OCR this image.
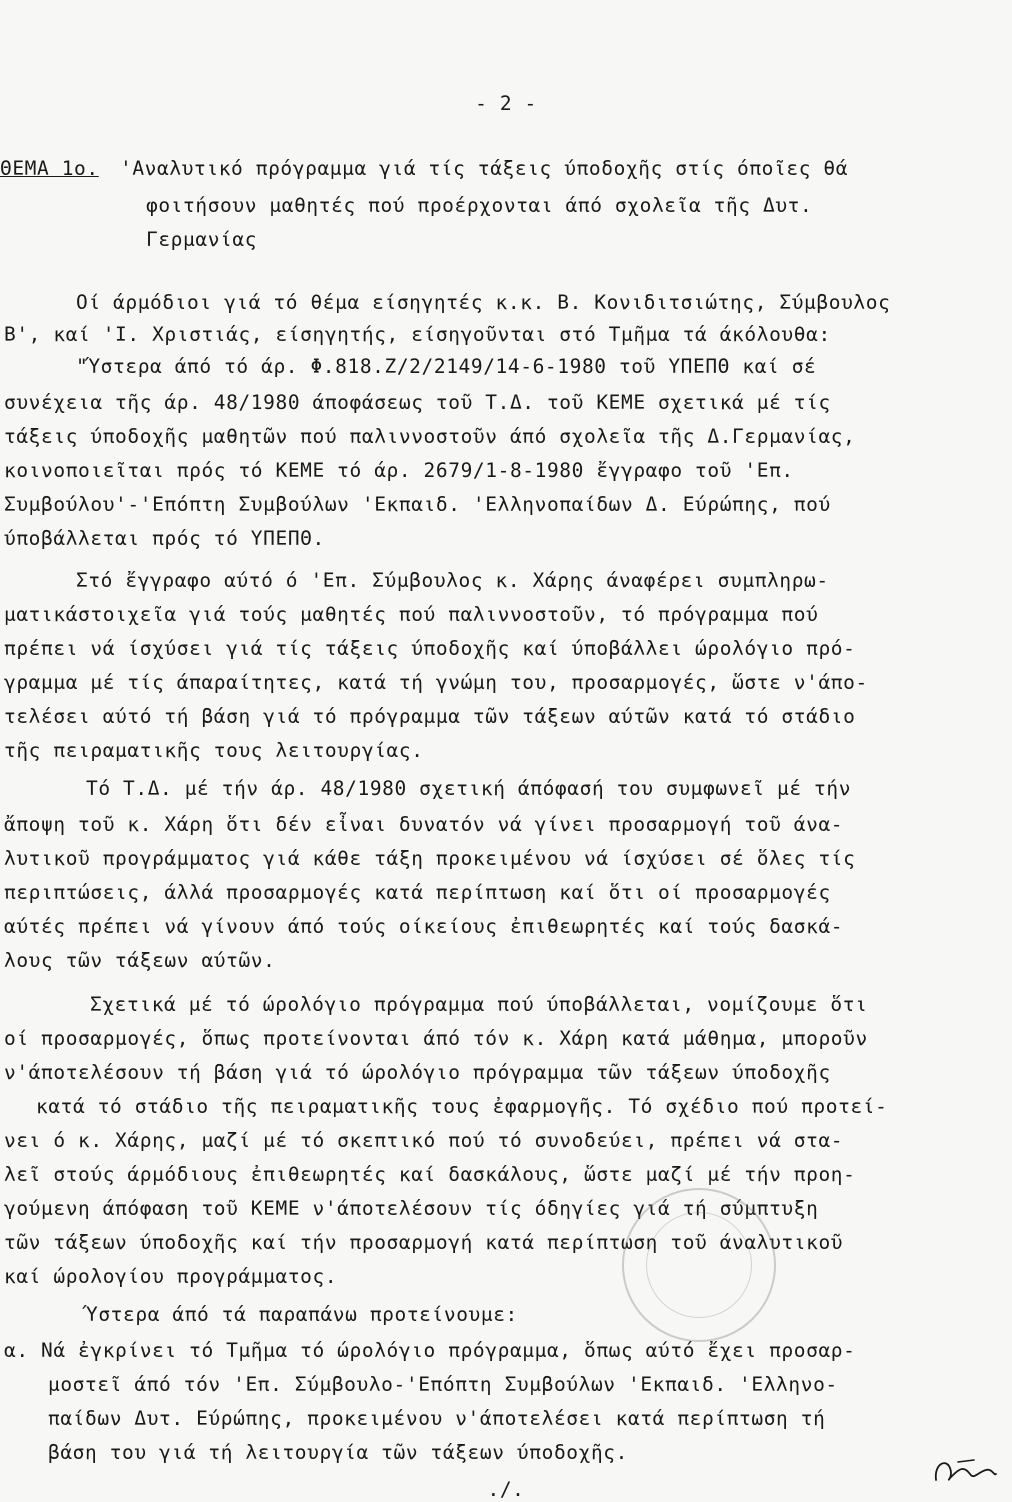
- 2 -
ΘΕΜΑ 1ο. 'Αναλυτικό πρόγραμμα γιά τίς τάξεις ύποδοχῆς στίς όποῖες θά
φοιτήσουν μαθητές πού προέρχονται άπό σχολεῖα τῆς Δυτ.
Γερμανίας
Οί άρμόδιοι γιά τό θέμα είσηγητές κ.κ. Β. Κονιδιτσιώτης, Σύμβουλος
Β', καί 'Ι. Χριστιάς, είσηγητής, είσηγοῦνται στό Τμῆμα τά άκόλουθα:
"Ύστερα άπό τό άρ. Φ.818.Ζ/2/2149/14-6-1980 τοῦ ΥΠΕΠΘ καί σέ
συνέχεια τῆς άρ. 48/1980 άποφάσεως τοῦ Τ.Δ. τοῦ ΚΕΜΕ σχετικά μέ τίς
τάξεις ύποδοχῆς μαθητῶν πού παλιννοστοῦν άπό σχολεῖα τῆς Δ.Γερμανίας,
κοινοποιεῖται πρός τό ΚΕΜΕ τό άρ. 2679/1-8-1980 ἔγγραφο τοῦ 'Επ.
Συμβούλου'-'Επόπτη Συμβούλων 'Εκπαιδ. 'Ελληνοπαίδων Δ. Εύρώπης, πού
ύποβάλλεται πρός τό ΥΠΕΠΘ.
Στό ἔγγραφο αύτό ό 'Επ. Σύμβουλος κ. Χάρης άναφέρει συμπληρω-
ματικάστοιχεῖα γιά τούς μαθητές πού παλιννοστοῦν, τό πρόγραμμα πού
πρέπει νά ίσχύσει γιά τίς τάξεις ύποδοχῆς καί ύποβάλλει ώρολόγιο πρό-
γραμμα μέ τίς άπαραίτητες, κατά τή γνώμη του, προσαρμογές, ὥστε ν'άπο-
τελέσει αύτό τή βάση γιά τό πρόγραμμα τῶν τάξεων αύτῶν κατά τό στάδιο
τῆς πειραματικῆς τους λειτουργίας.
Τό Τ.Δ. μέ τήν άρ. 48/1980 σχετική άπόφασή του συμφωνεῖ μέ τήν
ἄποψη τοῦ κ. Χάρη ὅτι δέν εἶναι δυνατόν νά γίνει προσαρμογή τοῦ άνα-
λυτικοῦ προγράμματος γιά κάθε τάξη προκειμένου νά ίσχύσει σέ ὅλες τίς
περιπτώσεις, άλλά προσαρμογές κατά περίπτωση καί ὅτι οί προσαρμογές
αύτές πρέπει νά γίνουν άπό τούς οίκείους ἐπιθεωρητές καί τούς δασκά-
λους τῶν τάξεων αύτῶν.
Σχετικά μέ τό ώρολόγιο πρόγραμμα πού ύποβάλλεται, νομίζουμε ὅτι
οί προσαρμογές, ὅπως προτείνονται άπό τόν κ. Χάρη κατά μάθημα, μποροῦν
ν'άποτελέσουν τή βάση γιά τό ώρολόγιο πρόγραμμα τῶν τάξεων ύποδοχῆς
κατά τό στάδιο τῆς πειραματικῆς τους ἐφαρμογῆς. Τό σχέδιο πού προτεί-
νει ό κ. Χάρης, μαζί μέ τό σκεπτικό πού τό συνοδεύει, πρέπει νά στα-
λεῖ στούς άρμόδιους ἐπιθεωρητές καί δασκάλους, ὥστε μαζί μέ τήν προη-
γούμενη άπόφαση τοῦ ΚΕΜΕ ν'άποτελέσουν τίς όδηγίες γιά τή σύμπτυξη
τῶν τάξεων ύποδοχῆς καί τήν προσαρμογή κατά περίπτωση τοῦ άναλυτικοῦ
καί ώρολογίου προγράμματος.
Ύστερα άπό τά παραπάνω προτείνουμε:
α. Νά ἐγκρίνει τό Τμῆμα τό ώρολόγιο πρόγραμμα, ὅπως αύτό ἔχει προσαρ-
μοστεῖ άπό τόν 'Επ. Σύμβουλο-'Επόπτη Συμβούλων 'Εκπαιδ. 'Ελληνο-
παίδων Δυτ. Εύρώπης, προκειμένου ν'άποτελέσει κατά περίπτωση τή
βάση του γιά τή λειτουργία τῶν τάξεων ύποδοχῆς.
./.
